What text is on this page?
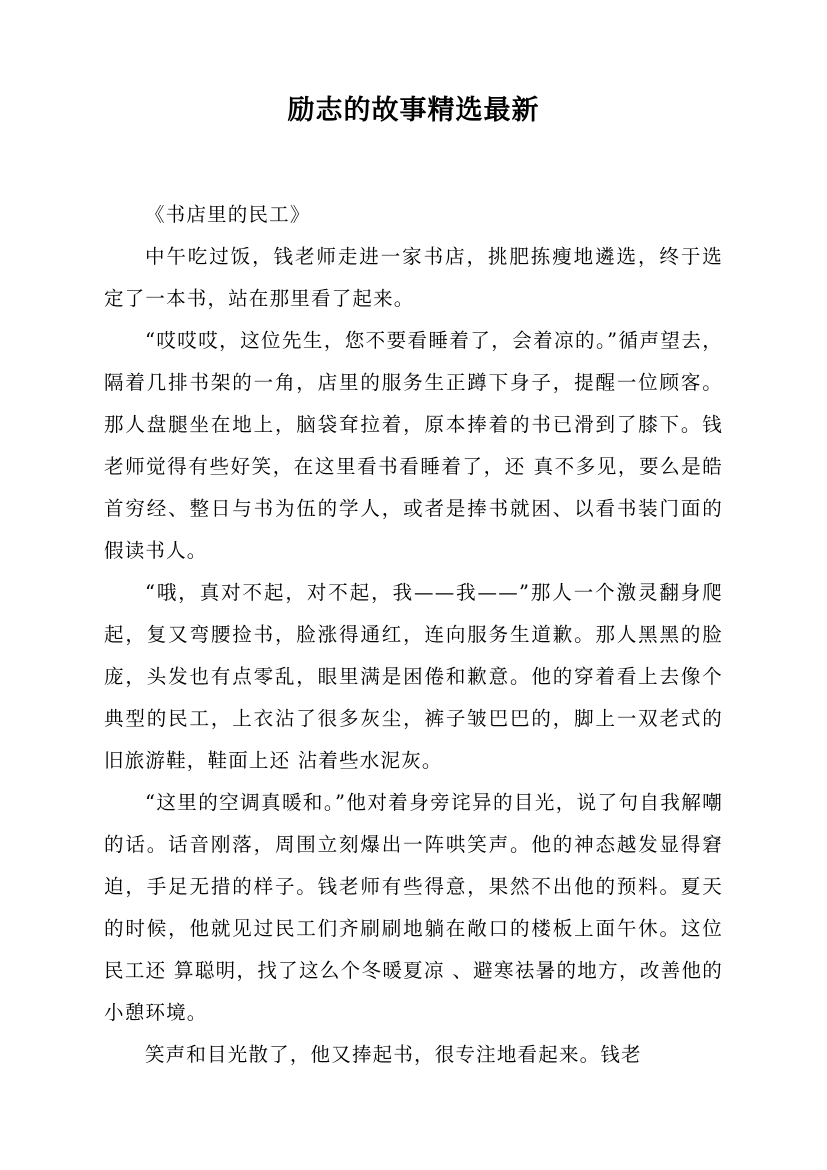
励志的故事精选最新

《书店里的民工》

中午吃过饭，钱老师走进一家书店，挑肥拣瘦地遴选，终于选定了一本书，站在那里看了起来。

“哎哎哎，这位先生，您不要看睡着了，会着凉的。”循声望去，隔着几排书架的一角，店里的服务生正蹲下身子，提醒一位顾客。那人盘腿坐在地上，脑袋耷拉着，原本捧着的书已滑到了膝下。钱老师觉得有些好笑，在这里看书看睡着了，还 真不多见，要么是皓首穷经、整日与书为伍的学人，或者是捧书就困、以看书装门面的假读书人。

“哦，真对不起，对不起，我——我——”那人一个激灵翻身爬起，复又弯腰捡书，脸涨得通红，连向服务生道歉。那人黑黑的脸庞，头发也有点零乱，眼里满是困倦和歉意。他的穿着看上去像个典型的民工，上衣沾了很多灰尘，裤子皱巴巴的，脚上一双老式的旧旅游鞋，鞋面上还 沾着些水泥灰。

“这里的空调真暖和。”他对着身旁诧异的目光，说了句自我解嘲的话。话音刚落，周围立刻爆出一阵哄笑声。他的神态越发显得窘迫，手足无措的样子。钱老师有些得意，果然不出他的预料。夏天的时候，他就见过民工们齐刷刷地躺在敞口的楼板上面午休。这位民工还 算聪明，找了这么个冬暖夏凉 、避寒祛暑的地方，改善他的小憩环境。

笑声和目光散了，他又捧起书，很专注地看起来。钱老
